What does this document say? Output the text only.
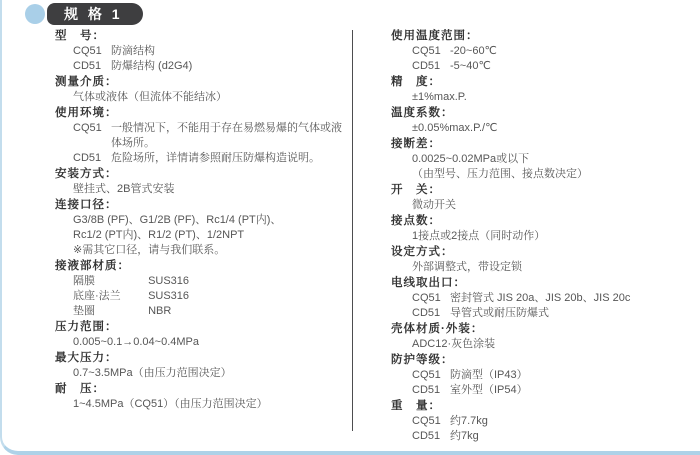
规 格 1
型　号：
CQ51 防滴结构
CD51 防爆结构 (d2G4)
测量介质：
气体或液体（但流体不能结冰）
使用环境：
CQ51 一般情况下，不能用于存在易燃易爆的气体或液体场所。
CD51 危险场所，详情请参照耐压防爆构造说明。
安装方式：
壁挂式、2B管式安装
连接口径：
G3/8B (PF)、G1/2B (PF)、Rc1/4 (PT内)、
Rc1/2 (PT内)、R1/2 (PT)、1/2NPT
※需其它口径，请与我们联系。
接液部材质：
隔膜	SUS316
底座·法兰 SUS316
垫圈	NBR
压力范围：
0.005~0.1→0.04~0.4MPa
最大压力：
0.7~3.5MPa（由压力范围决定）
耐　压：
1~4.5MPa（CQ51）（由压力范围决定）
使用温度范围：
CQ51 -20~60℃
CD51 -5~40℃
精　度：
±1%max.P.
温度系数：
±0.05%max.P./℃
接断差：
0.0025~0.02MPa或以下
（由型号、压力范围、接点数决定）
开　关：
微动开关
接点数：
1接点或2接点（同时动作）
设定方式：
外部调整式，带设定锁
电线取出口：
CQ51 密封管式 JIS 20a、JIS 20b、JIS 20c
CD51 导管式或耐压防爆式
壳体材质·外装：
ADC12·灰色涂装
防护等级：
CQ51 防滴型（IP43）
CD51 室外型（IP54）
重　量：
CQ51 约7.7kg
CD51 约7kg
